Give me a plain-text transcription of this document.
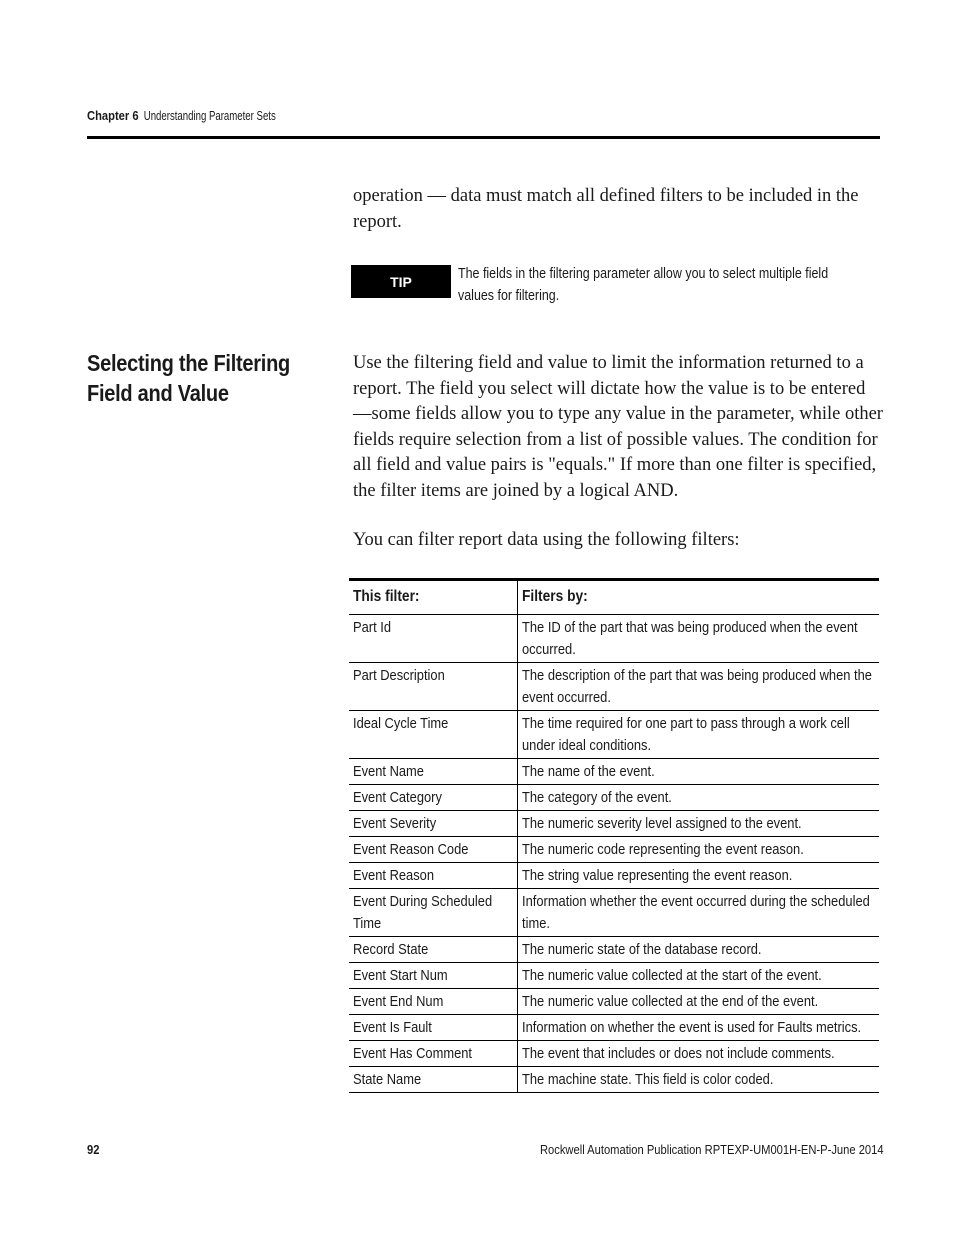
Chapter 6 Understanding Parameter Sets
operation — data must match all defined filters to be included in the report.
TIP	The fields in the filtering parameter allow you to select multiple field values for filtering.
Selecting the Filtering Field and Value
Use the filtering field and value to limit the information returned to a report. The field you select will dictate how the value is to be entered—some fields allow you to type any value in the parameter, while other fields require selection from a list of possible values. The condition for all field and value pairs is "equals." If more than one filter is specified, the filter items are joined by a logical AND.
You can filter report data using the following filters:
This filter:	Filters by:

Part Id	The ID of the part that was being produced when the event occurred.

Part Description	The description of the part that was being produced when the event occurred.

Ideal Cycle Time	The time required for one part to pass through a work cell under ideal conditions.

Event Name	The name of the event.

Event Category	The category of the event.

Event Severity	The numeric severity level assigned to the event.

Event Reason Code	The numeric code representing the event reason.

Event Reason	The string value representing the event reason.

Event During Scheduled Time	Information whether the event occurred during the scheduled time.

Record State	The numeric state of the database record.

Event Start Num	The numeric value collected at the start of the event.

Event End Num	The numeric value collected at the end of the event.

Event Is Fault	Information on whether the event is used for Faults metrics.

Event Has Comment	The event that includes or does not include comments.

State Name	The machine state. This field is color coded.
92	Rockwell Automation Publication RPTEXP-UM001H-EN-P-June 2014
